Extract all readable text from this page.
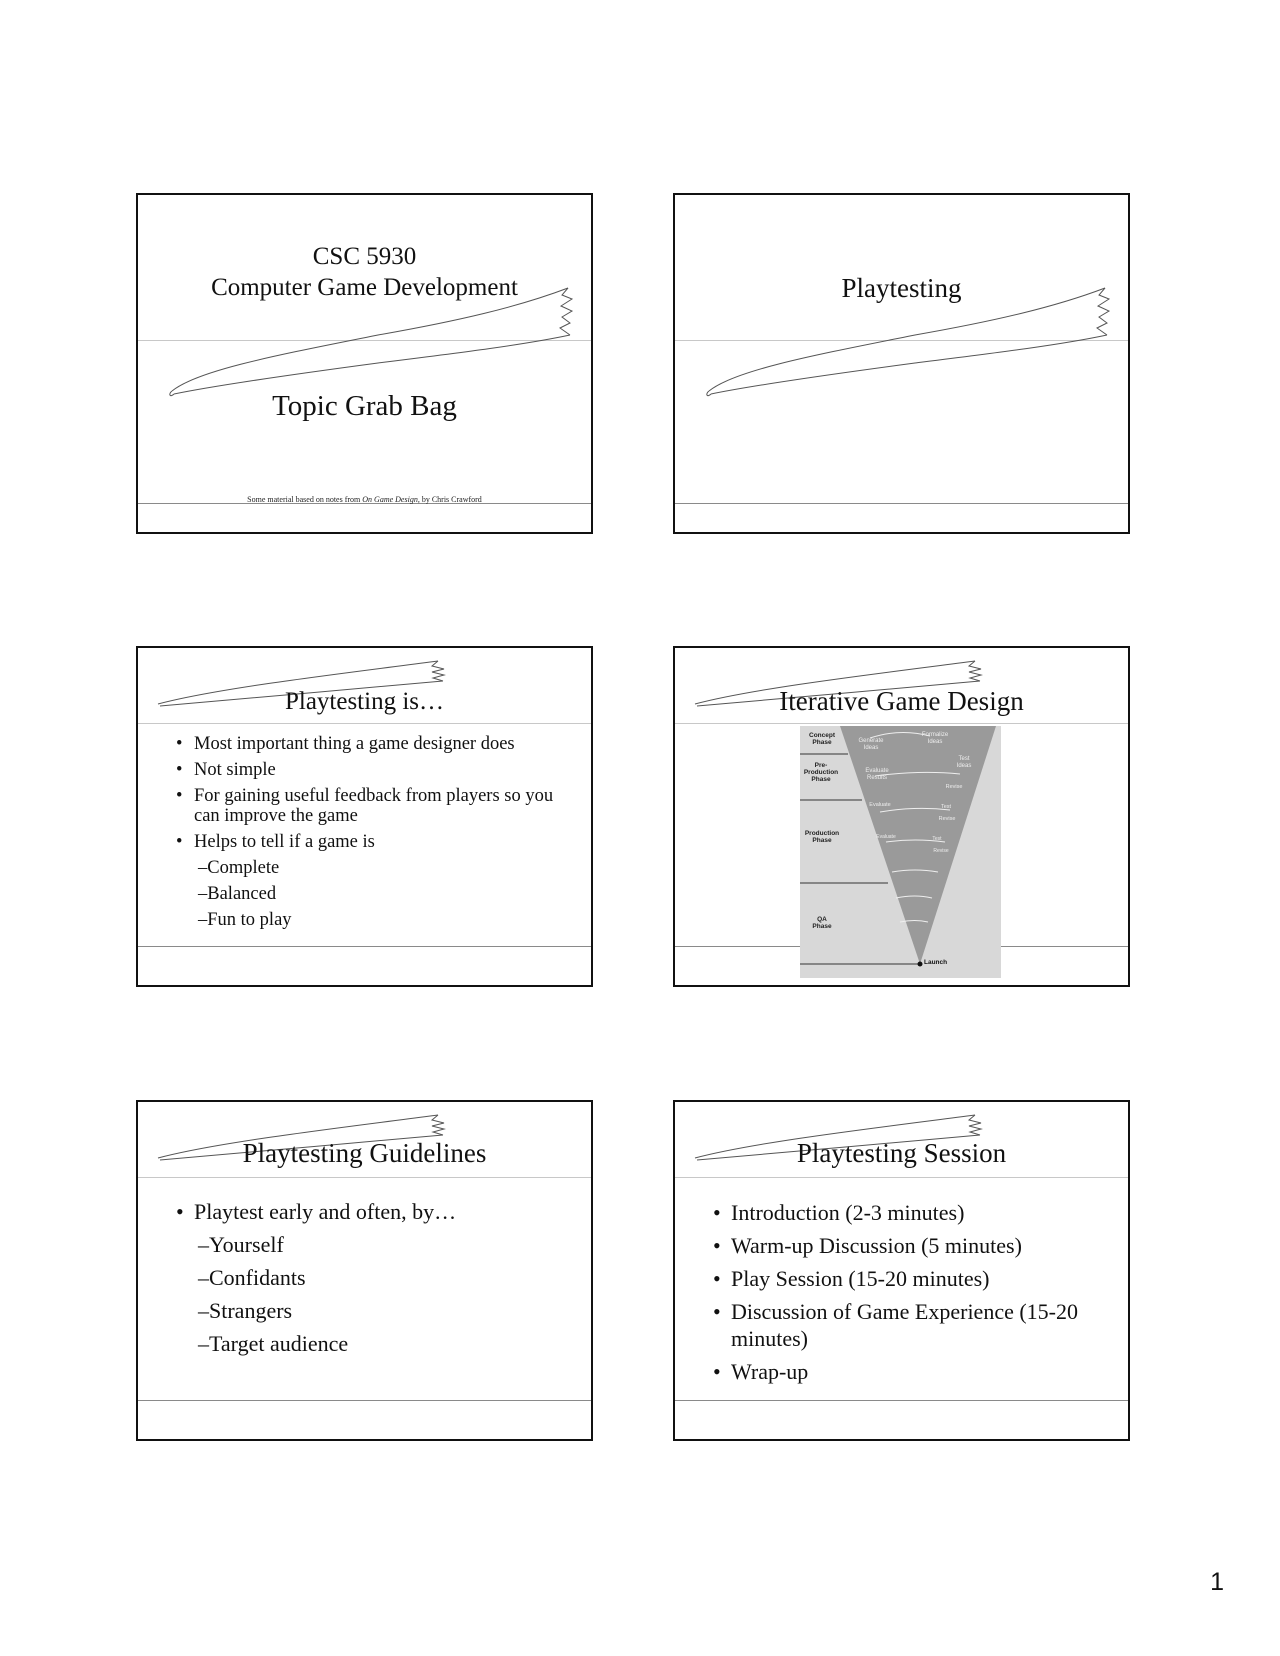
CSC 5930
Computer Game Development
Topic Grab Bag
Some material based on notes from On Game Design, by Chris Crawford
Playtesting
Playtesting is…
• Most important thing a game designer does
• Not simple
• For gaining useful feedback from players so you can improve the game
• Helps to tell if a game is
–Complete
–Balanced
–Fun to play
Iterative Game Design
Concept Phase
Pre-Production Phase
Production Phase
QA Phase
Generate Ideas
Formalize Ideas
Test Ideas
Evaluate Results
Revise
Evaluate	Test
Revise
Evaluate	Test
Revise
Launch
Playtesting Guidelines
• Playtest early and often, by…
–Yourself
–Confidants
–Strangers
–Target audience
Playtesting Session
• Introduction (2-3 minutes)
• Warm-up Discussion (5 minutes)
• Play Session (15-20 minutes)
• Discussion of Game Experience (15-20 minutes)
• Wrap-up
1
